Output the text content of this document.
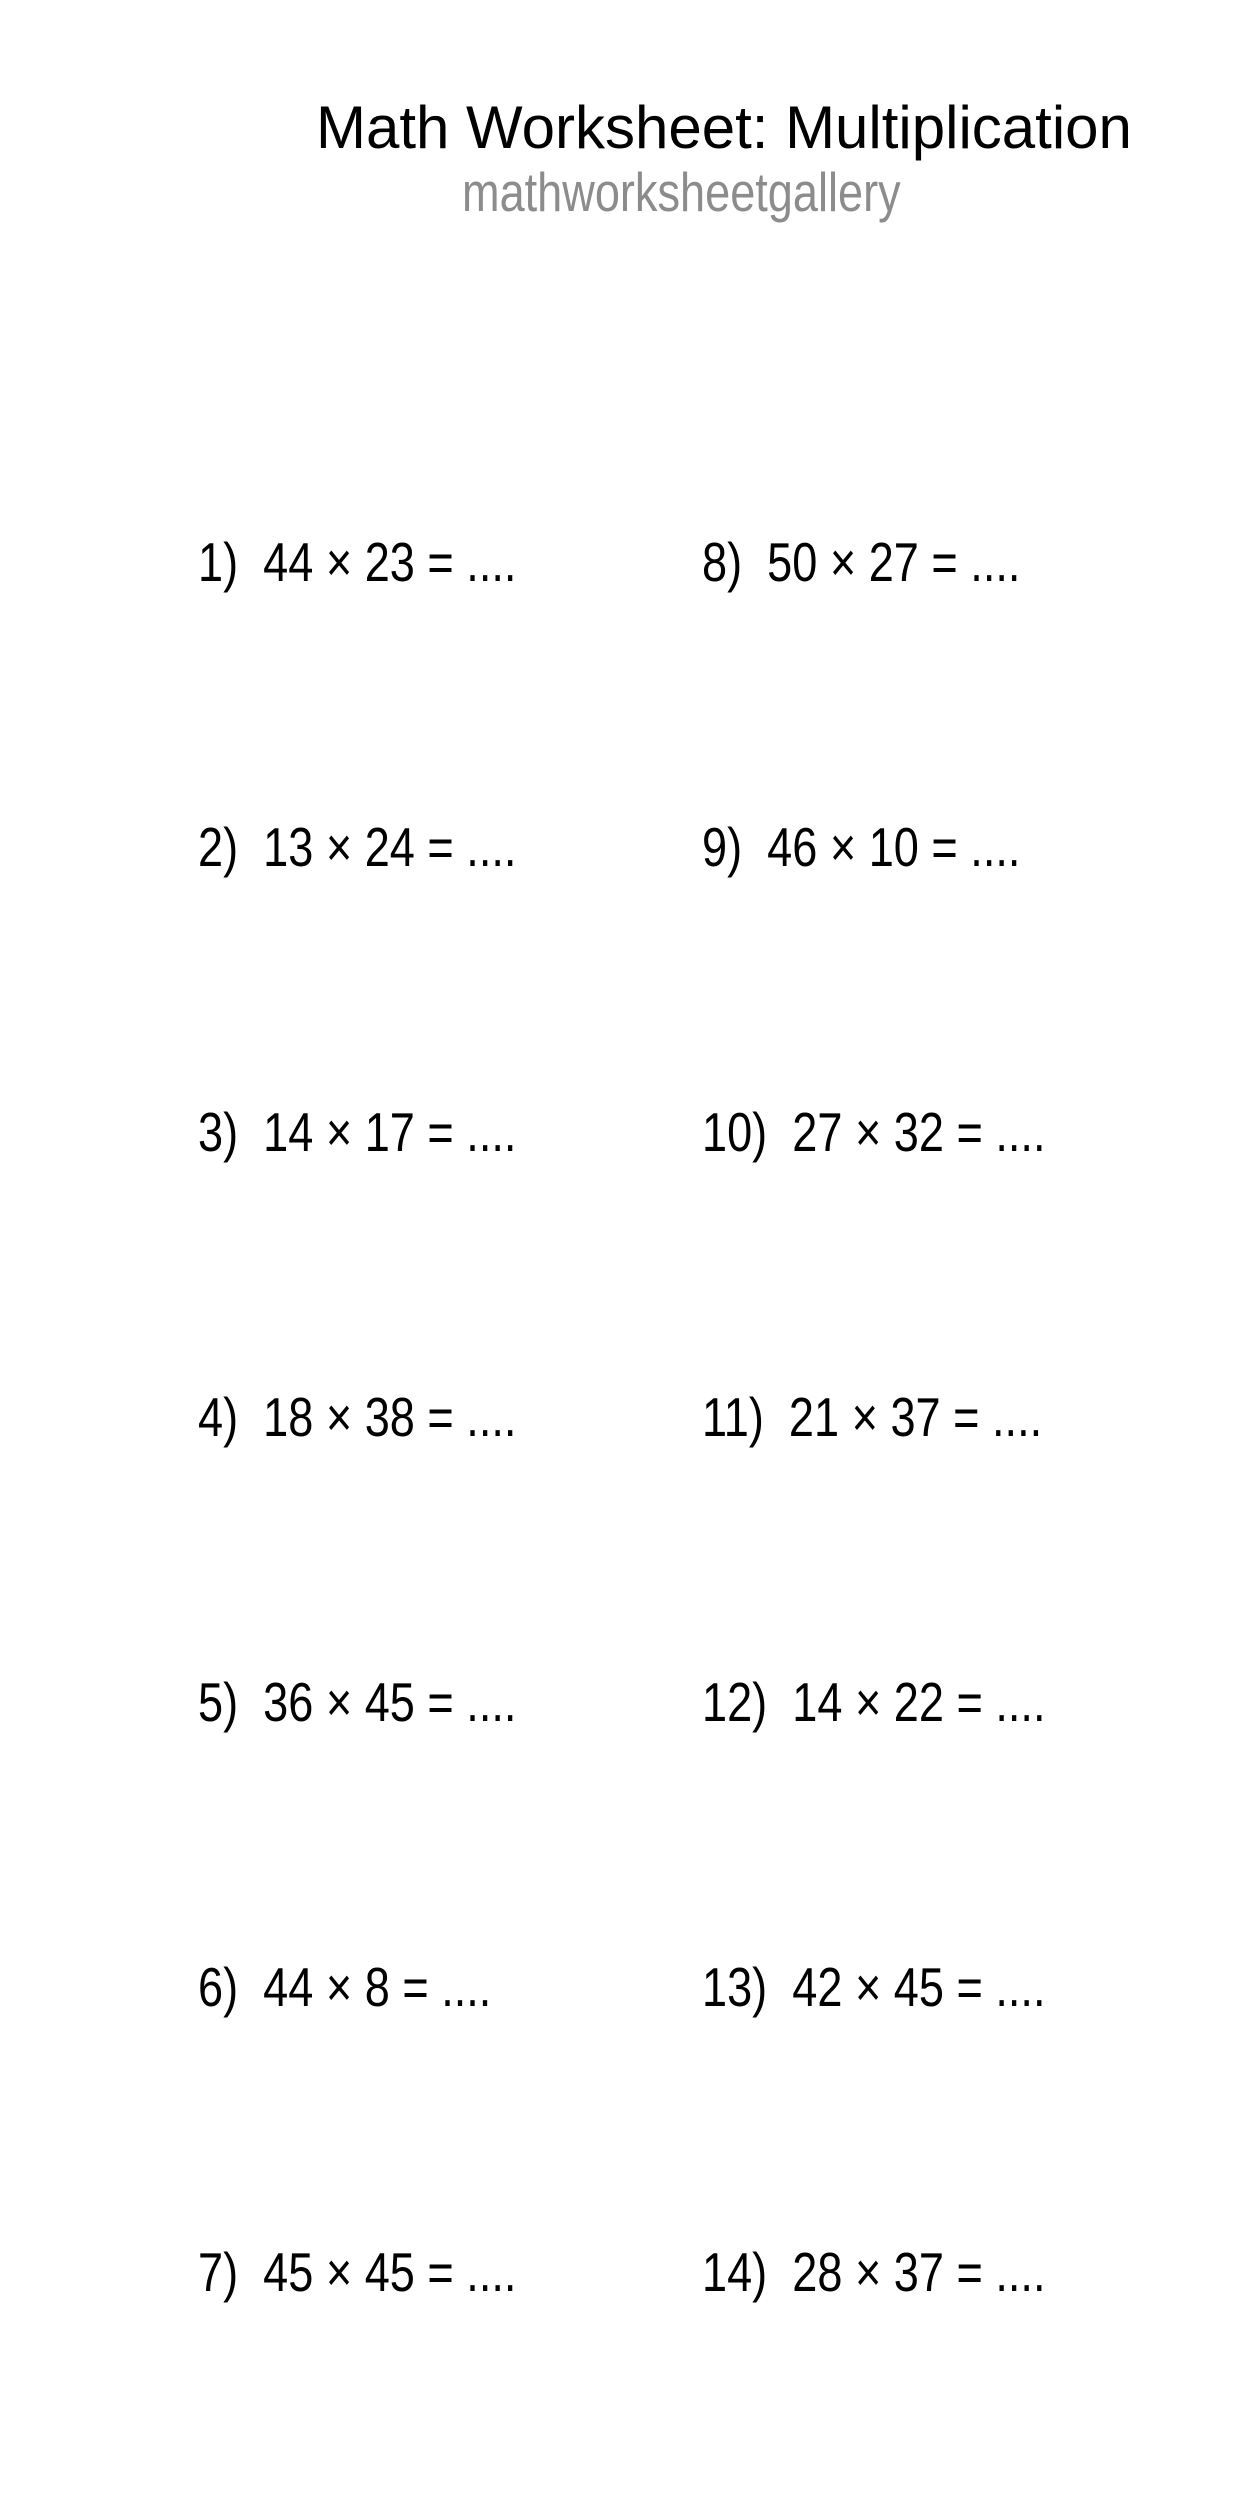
Math Worksheet: Multiplication
mathworksheetgallery

1)  44 × 23 = ....

2)  13 × 24 = ....

3)  14 × 17 = ....

4)  18 × 38 = ....

5)  36 × 45 = ....

6)  44 × 8 = ....

7)  45 × 45 = ....

8)  50 × 27 = ....

9)  46 × 10 = ....

10)  27 × 32 = ....

11)  21 × 37 = ....

12)  14 × 22 = ....

13)  42 × 45 = ....

14)  28 × 37 = ....
